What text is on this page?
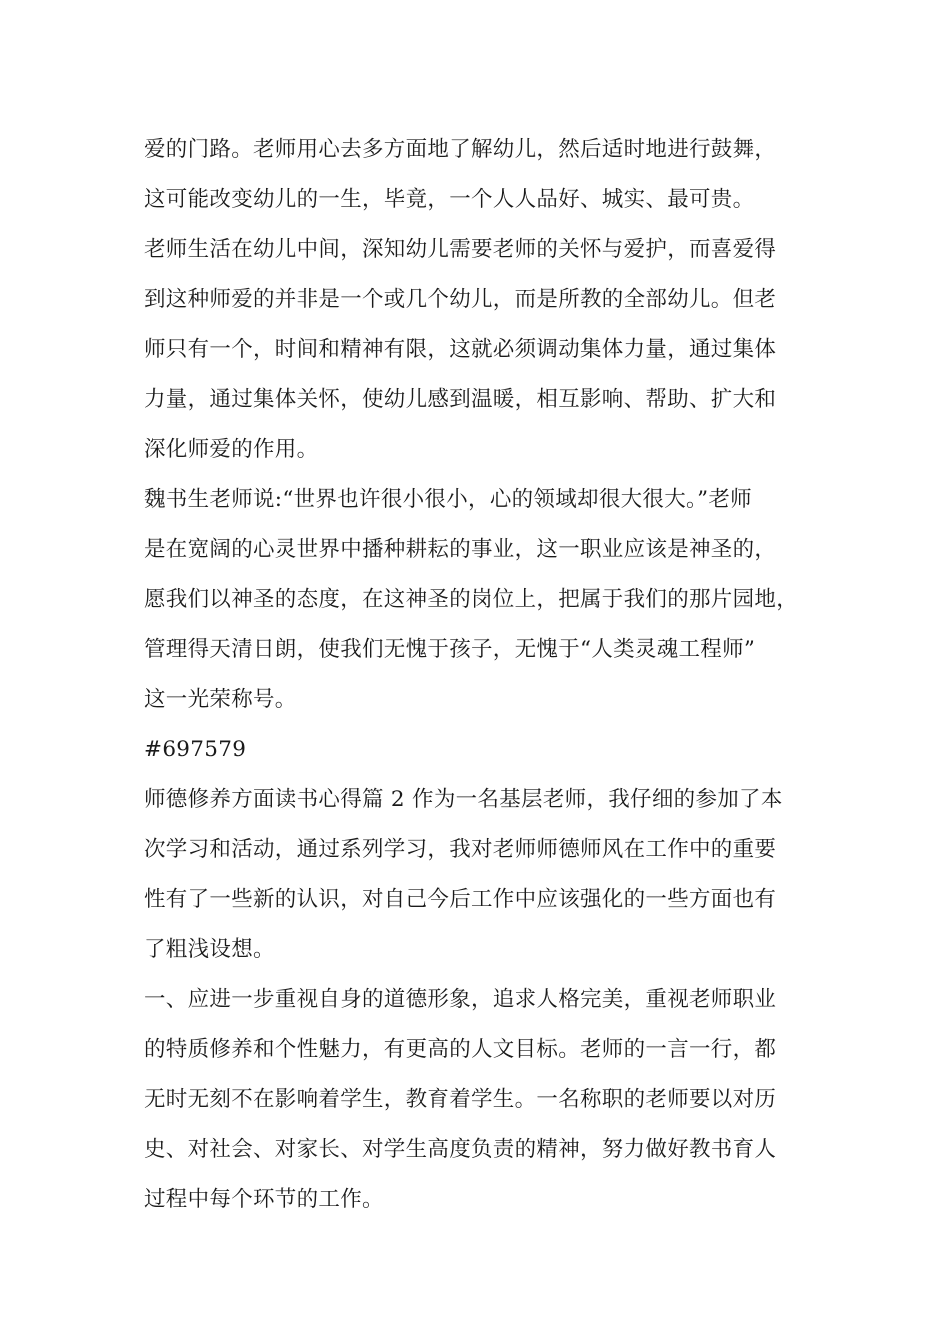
爱的门路。老师用心去多方面地了解幼儿，然后适时地进行鼓舞，
这可能改变幼儿的一生，毕竟，一个人人品好、城实、最可贵。
老师生活在幼儿中间，深知幼儿需要老师的关怀与爱护，而喜爱得
到这种师爱的并非是一个或几个幼儿，而是所教的全部幼儿。但老
师只有一个，时间和精神有限，这就必须调动集体力量，通过集体
力量，通过集体关怀，使幼儿感到温暖，相互影响、帮助、扩大和
深化师爱的作用。
魏书生老师说:“世界也许很小很小，心的领域却很大很大。”老师
是在宽阔的心灵世界中播种耕耘的事业，这一职业应该是神圣的，
愿我们以神圣的态度，在这神圣的岗位上，把属于我们的那片园地，
管理得天清日朗，使我们无愧于孩子，无愧于“人类灵魂工程师”
这一光荣称号。
#697579
师德修养方面读书心得篇 2 作为一名基层老师，我仔细的参加了本
次学习和活动，通过系列学习，我对老师师德师风在工作中的重要
性有了一些新的认识，对自己今后工作中应该强化的一些方面也有
了粗浅设想。
一、应进一步重视自身的道德形象，追求人格完美，重视老师职业
的特质修养和个性魅力，有更高的人文目标。老师的一言一行，都
无时无刻不在影响着学生，教育着学生。一名称职的老师要以对历
史、对社会、对家长、对学生高度负责的精神，努力做好教书育人
过程中每个环节的工作。
